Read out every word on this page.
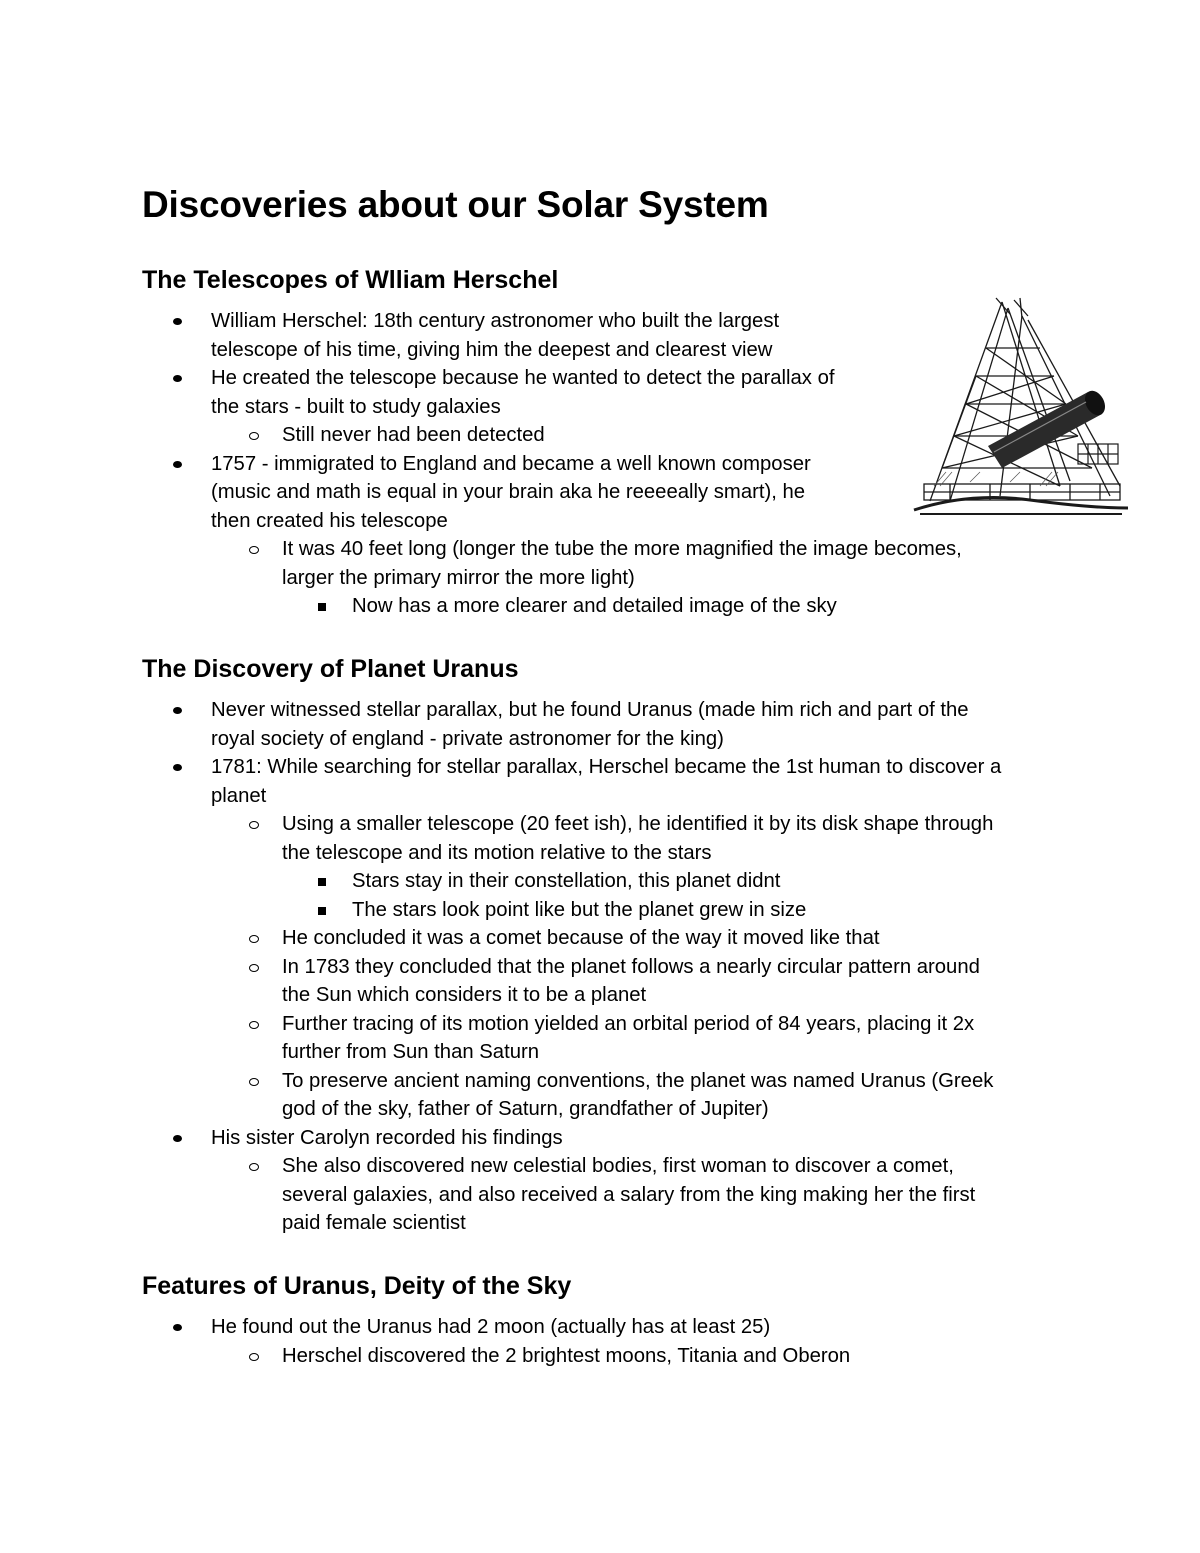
Discoveries about our Solar System
The Telescopes of Wlliam Herschel
William Herschel: 18th century astronomer who built the largest
telescope of his time, giving him the deepest and clearest view
He created the telescope because he wanted to detect the parallax of
the stars - built to study galaxies
Still never had been detected
1757 - immigrated to England and became a well known composer
(music and math is equal in your brain aka he reeeeally smart), he
then created his telescope
It was 40 feet long (longer the tube the more magnified the image becomes,
larger the primary mirror the more light)
Now has a more clearer and detailed image of the sky
The Discovery of Planet Uranus
Never witnessed stellar parallax, but he found Uranus (made him rich and part of the
royal society of england - private astronomer for the king)
1781: While searching for stellar parallax, Herschel became the 1st human to discover a
planet
Using a smaller telescope (20 feet ish), he identified it by its disk shape through
the telescope and its motion relative to the stars
Stars stay in their constellation, this planet didnt
The stars look point like but the planet grew in size
He concluded it was a comet because of the way it moved like that
In 1783 they concluded that the planet follows a nearly circular pattern around
the Sun which considers it to be a planet
Further tracing of its motion yielded an orbital period of 84 years, placing it 2x
further from Sun than Saturn
To preserve ancient naming conventions, the planet was named Uranus (Greek
god of the sky, father of Saturn, grandfather of Jupiter)
His sister Carolyn recorded his findings
She also discovered new celestial bodies, first woman to discover a comet,
several galaxies, and also received a salary from the king making her the first
paid female scientist
Features of Uranus, Deity of the Sky
He found out the Uranus had 2 moon (actually has at least 25)
Herschel discovered the 2 brightest moons, Titania and Oberon
